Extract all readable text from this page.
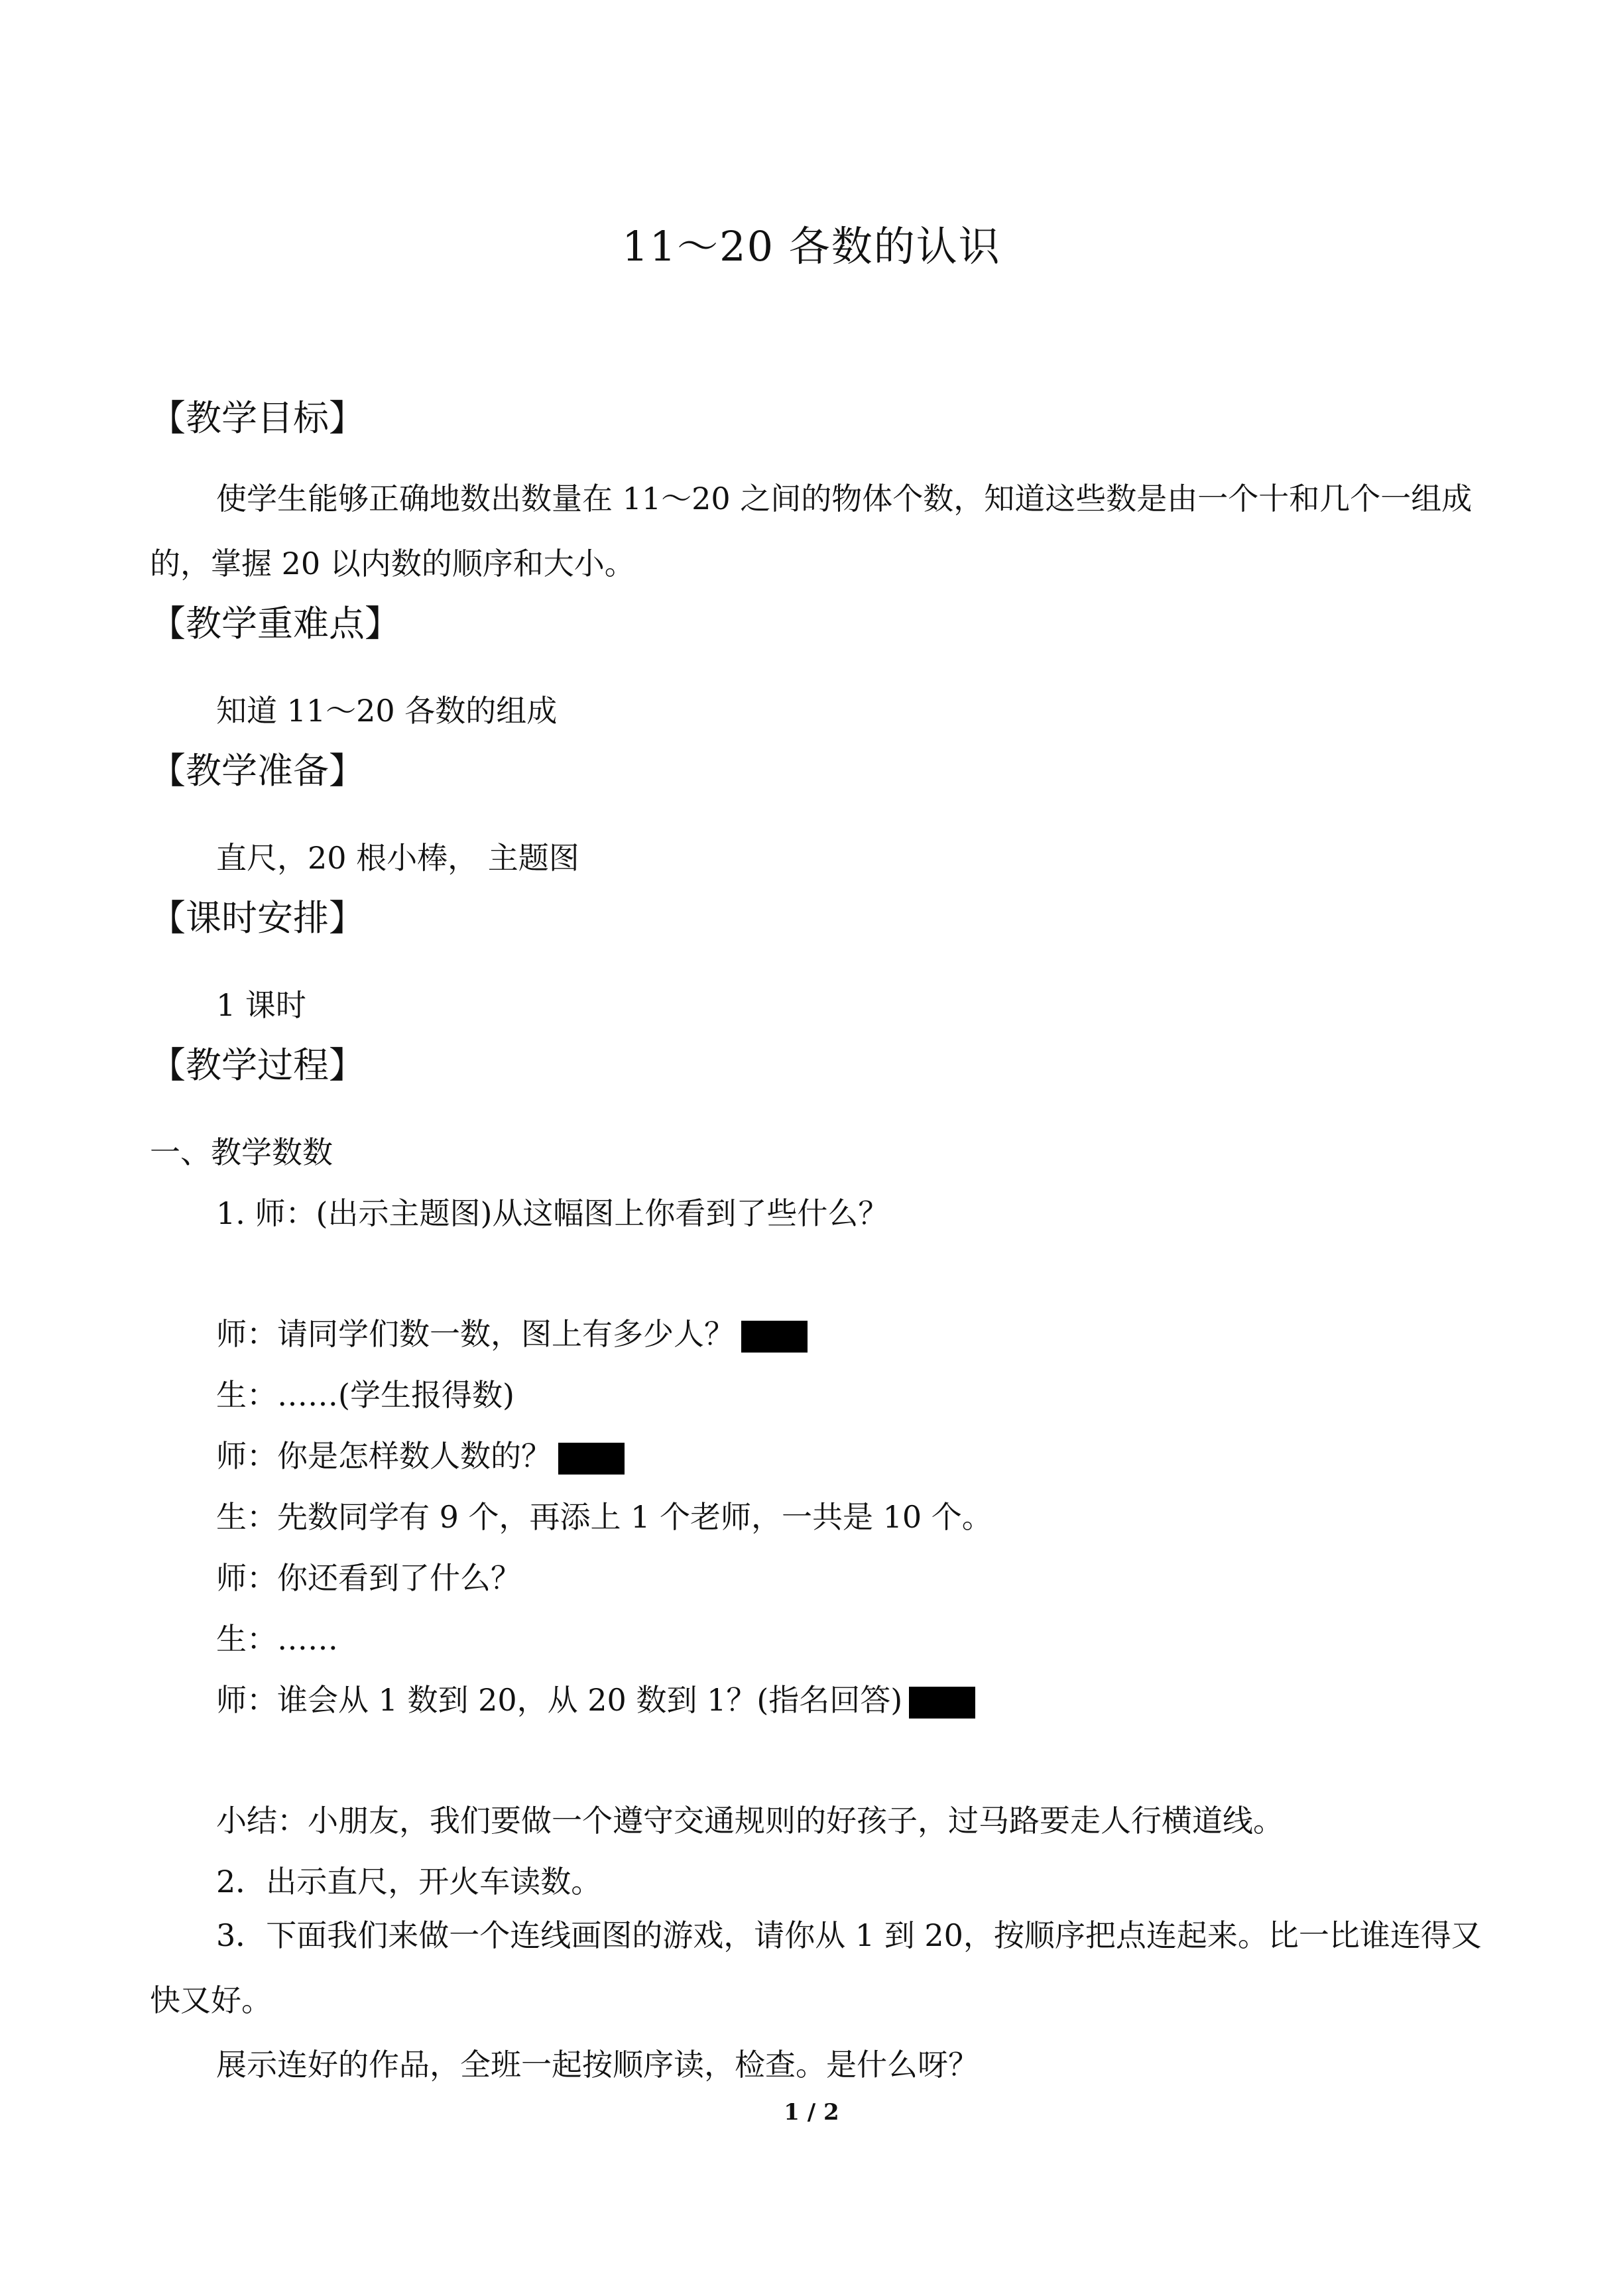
11～20 各数的认识
【教学目标】
使学生能够正确地数出数量在 11～20 之间的物体个数，知道这些数是由一个十和几个一组成的，掌握 20 以内数的顺序和大小。
【教学重难点】
知道 11～20 各数的组成
【教学准备】
直尺，20 根小棒， 主题图
【课时安排】
1 课时
【教学过程】
一、教学数数
1. 师：(出示主题图)从这幅图上你看到了些什么？
师：请同学们数一数，图上有多少人？
生：……(学生报得数)
师：你是怎样数人数的？
生：先数同学有 9 个，再添上 1 个老师，一共是 10 个。
师：你还看到了什么？
生：……
师：谁会从 1 数到 20，从 20 数到 1？(指名回答)
小结：小朋友，我们要做一个遵守交通规则的好孩子，过马路要走人行横道线。
2．出示直尺，开火车读数。
3．下面我们来做一个连线画图的游戏，请你从 1 到 20，按顺序把点连起来。比一比谁连得又快又好。
展示连好的作品，全班一起按顺序读，检查。是什么呀？
1 / 2
